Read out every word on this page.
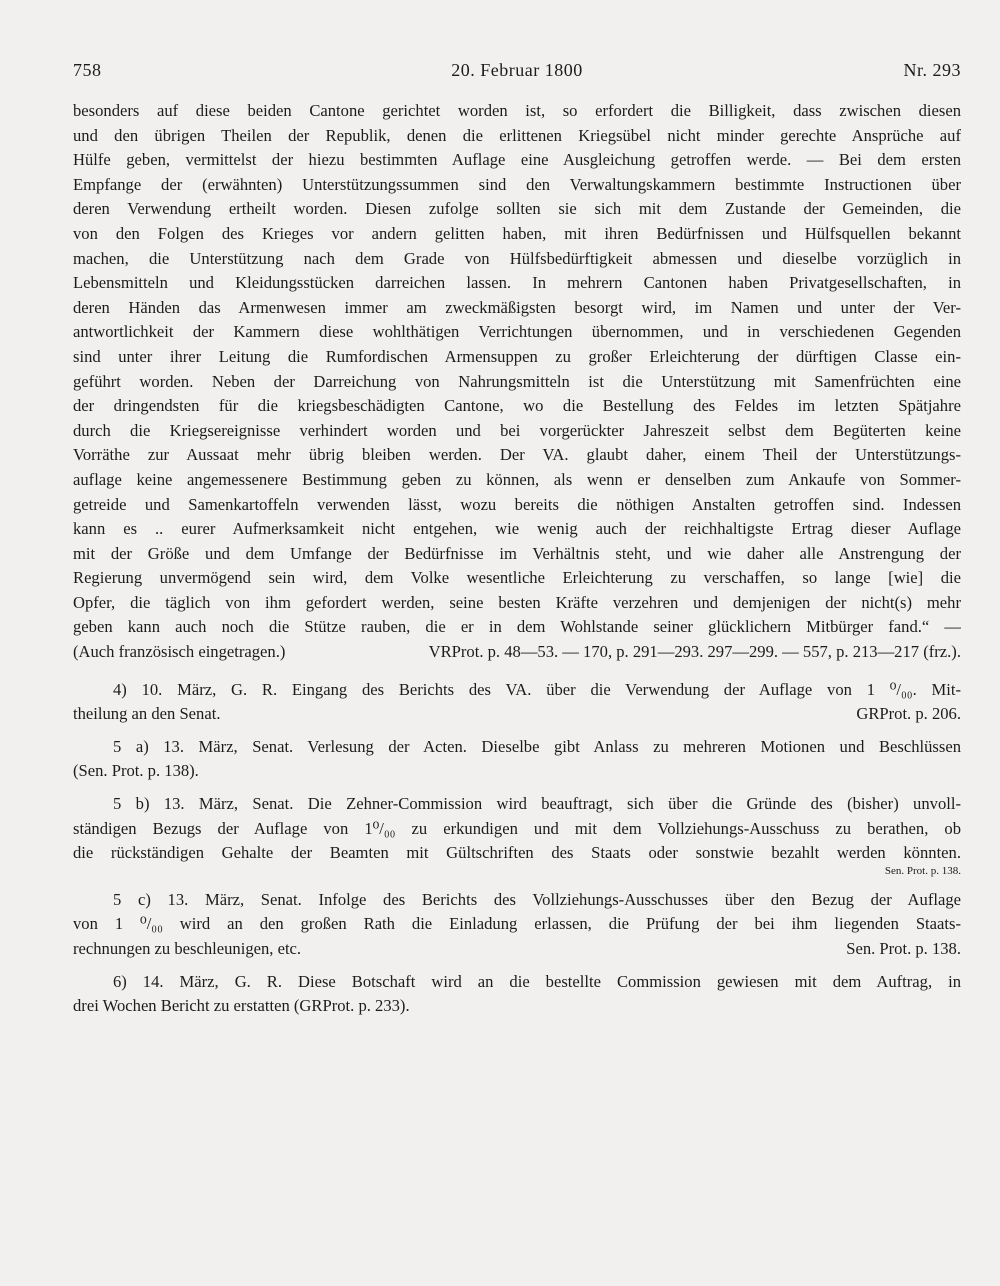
758	20. Februar 1800	Nr. 293
besonders auf diese beiden Cantone gerichtet worden ist, so erfordert die Billigkeit, dass zwischen diesen
und den übrigen Theilen der Republik, denen die erlittenen Kriegsübel nicht minder gerechte Ansprüche auf
Hülfe geben, vermittelst der hiezu bestimmten Auflage eine Ausgleichung getroffen werde. — Bei dem ersten
Empfange der (erwähnten) Unterstützungssummen sind den Verwaltungskammern bestimmte Instructionen über
deren Verwendung ertheilt worden. Diesen zufolge sollten sie sich mit dem Zustande der Gemeinden, die
von den Folgen des Krieges vor andern gelitten haben, mit ihren Bedürfnissen und Hülfsquellen bekannt
machen, die Unterstützung nach dem Grade von Hülfsbedürftigkeit abmessen und dieselbe vorzüglich in
Lebensmitteln und Kleidungsstücken darreichen lassen. In mehrern Cantonen haben Privatgesellschaften, in
deren Händen das Armenwesen immer am zweckmäßigsten besorgt wird, im Namen und unter der Ver-
antwortlichkeit der Kammern diese wohlthätigen Verrichtungen übernommen, und in verschiedenen Gegenden
sind unter ihrer Leitung die Rumfordischen Armensuppen zu großer Erleichterung der dürftigen Classe ein-
geführt worden. Neben der Darreichung von Nahrungsmitteln ist die Unterstützung mit Samenfrüchten eine
der dringendsten für die kriegsbeschädigten Cantone, wo die Bestellung des Feldes im letzten Spätjahre
durch die Kriegsereignisse verhindert worden und bei vorgerückter Jahreszeit selbst dem Begüterten keine
Vorräthe zur Aussaat mehr übrig bleiben werden. Der VA. glaubt daher, einem Theil der Unterstützungs-
auflage keine angemessenere Bestimmung geben zu können, als wenn er denselben zum Ankaufe von Sommer-
getreide und Samenkartoffeln verwenden lässt, wozu bereits die nöthigen Anstalten getroffen sind. Indessen
kann es .. eurer Aufmerksamkeit nicht entgehen, wie wenig auch der reichhaltigste Ertrag dieser Auflage
mit der Größe und dem Umfange der Bedürfnisse im Verhältnis steht, und wie daher alle Anstrengung der
Regierung unvermögend sein wird, dem Volke wesentliche Erleichterung zu verschaffen, so lange [wie] die
Opfer, die täglich von ihm gefordert werden, seine besten Kräfte verzehren und demjenigen der nicht(s) mehr
geben kann auch noch die Stütze rauben, die er in dem Wohlstande seiner glücklichern Mitbürger fand.“ —
(Auch französisch eingetragen.)	VRProt. p. 48—53. — 170, p. 291—293. 297—299. — 557, p. 213—217 (frz.).
4) 10. März, G. R. Eingang des Berichts des VA. über die Verwendung der Auflage von 1 ⁰/₀₀. Mit-
theilung an den Senat.	GRProt. p. 206.
5 a) 13. März, Senat. Verlesung der Acten. Dieselbe gibt Anlass zu mehreren Motionen und Beschlüssen
(Sen. Prot. p. 138).
5 b) 13. März, Senat. Die Zehner-Commission wird beauftragt, sich über die Gründe des (bisher) unvoll-
ständigen Bezugs der Auflage von 1⁰/₀₀ zu erkundigen und mit dem Vollziehungs-Ausschuss zu berathen, ob
die rückständigen Gehalte der Beamten mit Gültschriften des Staats oder sonstwie bezahlt werden könnten.
Sen. Prot. p. 138.
5 c) 13. März, Senat. Infolge des Berichts des Vollziehungs-Ausschusses über den Bezug der Auflage
von 1 ⁰/₀₀ wird an den großen Rath die Einladung erlassen, die Prüfung der bei ihm liegenden Staats-
rechnungen zu beschleunigen, etc.	Sen. Prot. p. 138.
6) 14. März, G. R. Diese Botschaft wird an die bestellte Commission gewiesen mit dem Auftrag, in
drei Wochen Bericht zu erstatten (GRProt. p. 233).
